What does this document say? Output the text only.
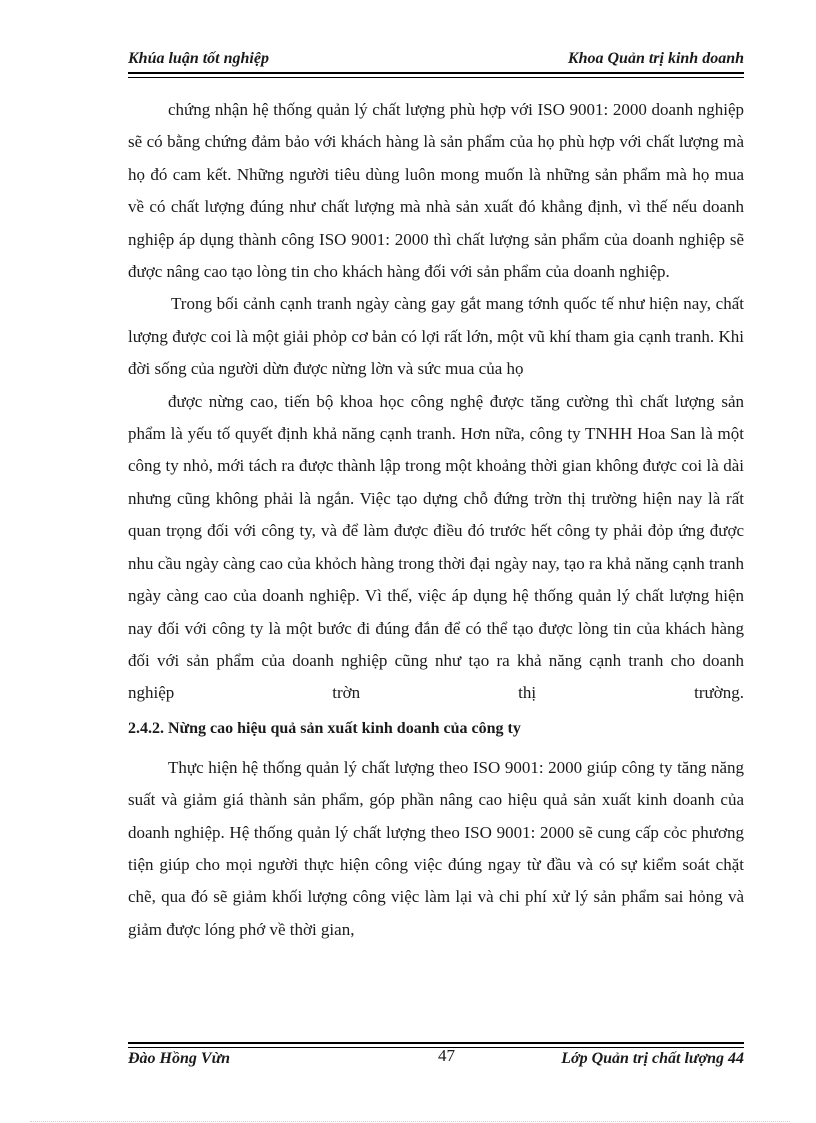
Khúa luận tốt nghiệp	Khoa Quản trị kinh doanh

chứng nhận hệ thống quản lý chất lượng phù hợp với ISO 9001: 2000 doanh nghiệp sẽ có bằng chứng đảm bảo với khách hàng là sản phẩm của họ phù hợp với chất lượng mà họ đó cam kết. Những người tiêu dùng luôn mong muốn là những sản phẩm mà họ mua về có chất lượng đúng như chất lượng mà nhà sản xuất đó khẳng định, vì thế nếu doanh nghiệp áp dụng thành công ISO 9001: 2000 thì chất lượng sản phẩm của doanh nghiệp sẽ được nâng cao tạo lòng tin cho khách hàng đối với sản phẩm của doanh nghiệp.

Trong bối cảnh cạnh tranh ngày càng gay gắt mang tớnh quốc tế như hiện nay, chất lượng được coi là một giải phỏp cơ bản có lợi rất lớn, một vũ khí tham gia cạnh tranh. Khi đời sống của người dừn được nừng lờn và sức mua của họ

được nừng cao, tiến bộ khoa học công nghệ được tăng cường thì chất lượng sản phẩm là yếu tố quyết định khả năng cạnh tranh. Hơn nữa, công ty TNHH Hoa San là một công ty nhỏ, mới tách ra được thành lập trong một khoảng thời gian không được coi là dài nhưng cũng không phải là ngắn. Việc tạo dựng chỗ đứng trờn thị trường hiện nay là rất quan trọng đối với công ty, và để làm được điều đó trước hết công ty phải đỏp ứng được nhu cầu ngày càng cao của khỏch hàng trong thời đại ngày nay, tạo ra khả năng cạnh tranh ngày càng cao của doanh nghiệp. Vì thế, việc áp dụng hệ thống quản lý chất lượng hiện nay đối với công ty là một bước đi đúng đắn để có thể tạo được lòng tin của khách hàng đối với sản phẩm của doanh nghiệp cũng như tạo ra khả năng cạnh tranh cho doanh nghiệp trờn thị trường.

2.4.2. Nừng cao hiệu quả sản xuất kinh doanh của công ty

Thực hiện hệ thống quản lý chất lượng theo ISO 9001: 2000 giúp công ty tăng năng suất và giảm giá thành sản phẩm, góp phần nâng cao hiệu quả sản xuất kinh doanh của doanh nghiệp. Hệ thống quản lý chất lượng theo ISO 9001: 2000 sẽ cung cấp cỏc phương tiện giúp cho mọi người thực hiện công việc đúng ngay từ đầu và có sự kiểm soát chặt chẽ, qua đó sẽ giảm khối lượng công việc làm lại và chi phí xử lý sản phẩm sai hỏng và giảm được lóng phớ về thời gian,

Đào Hồng Vừn	47	Lớp Quản trị chất lượng 44
